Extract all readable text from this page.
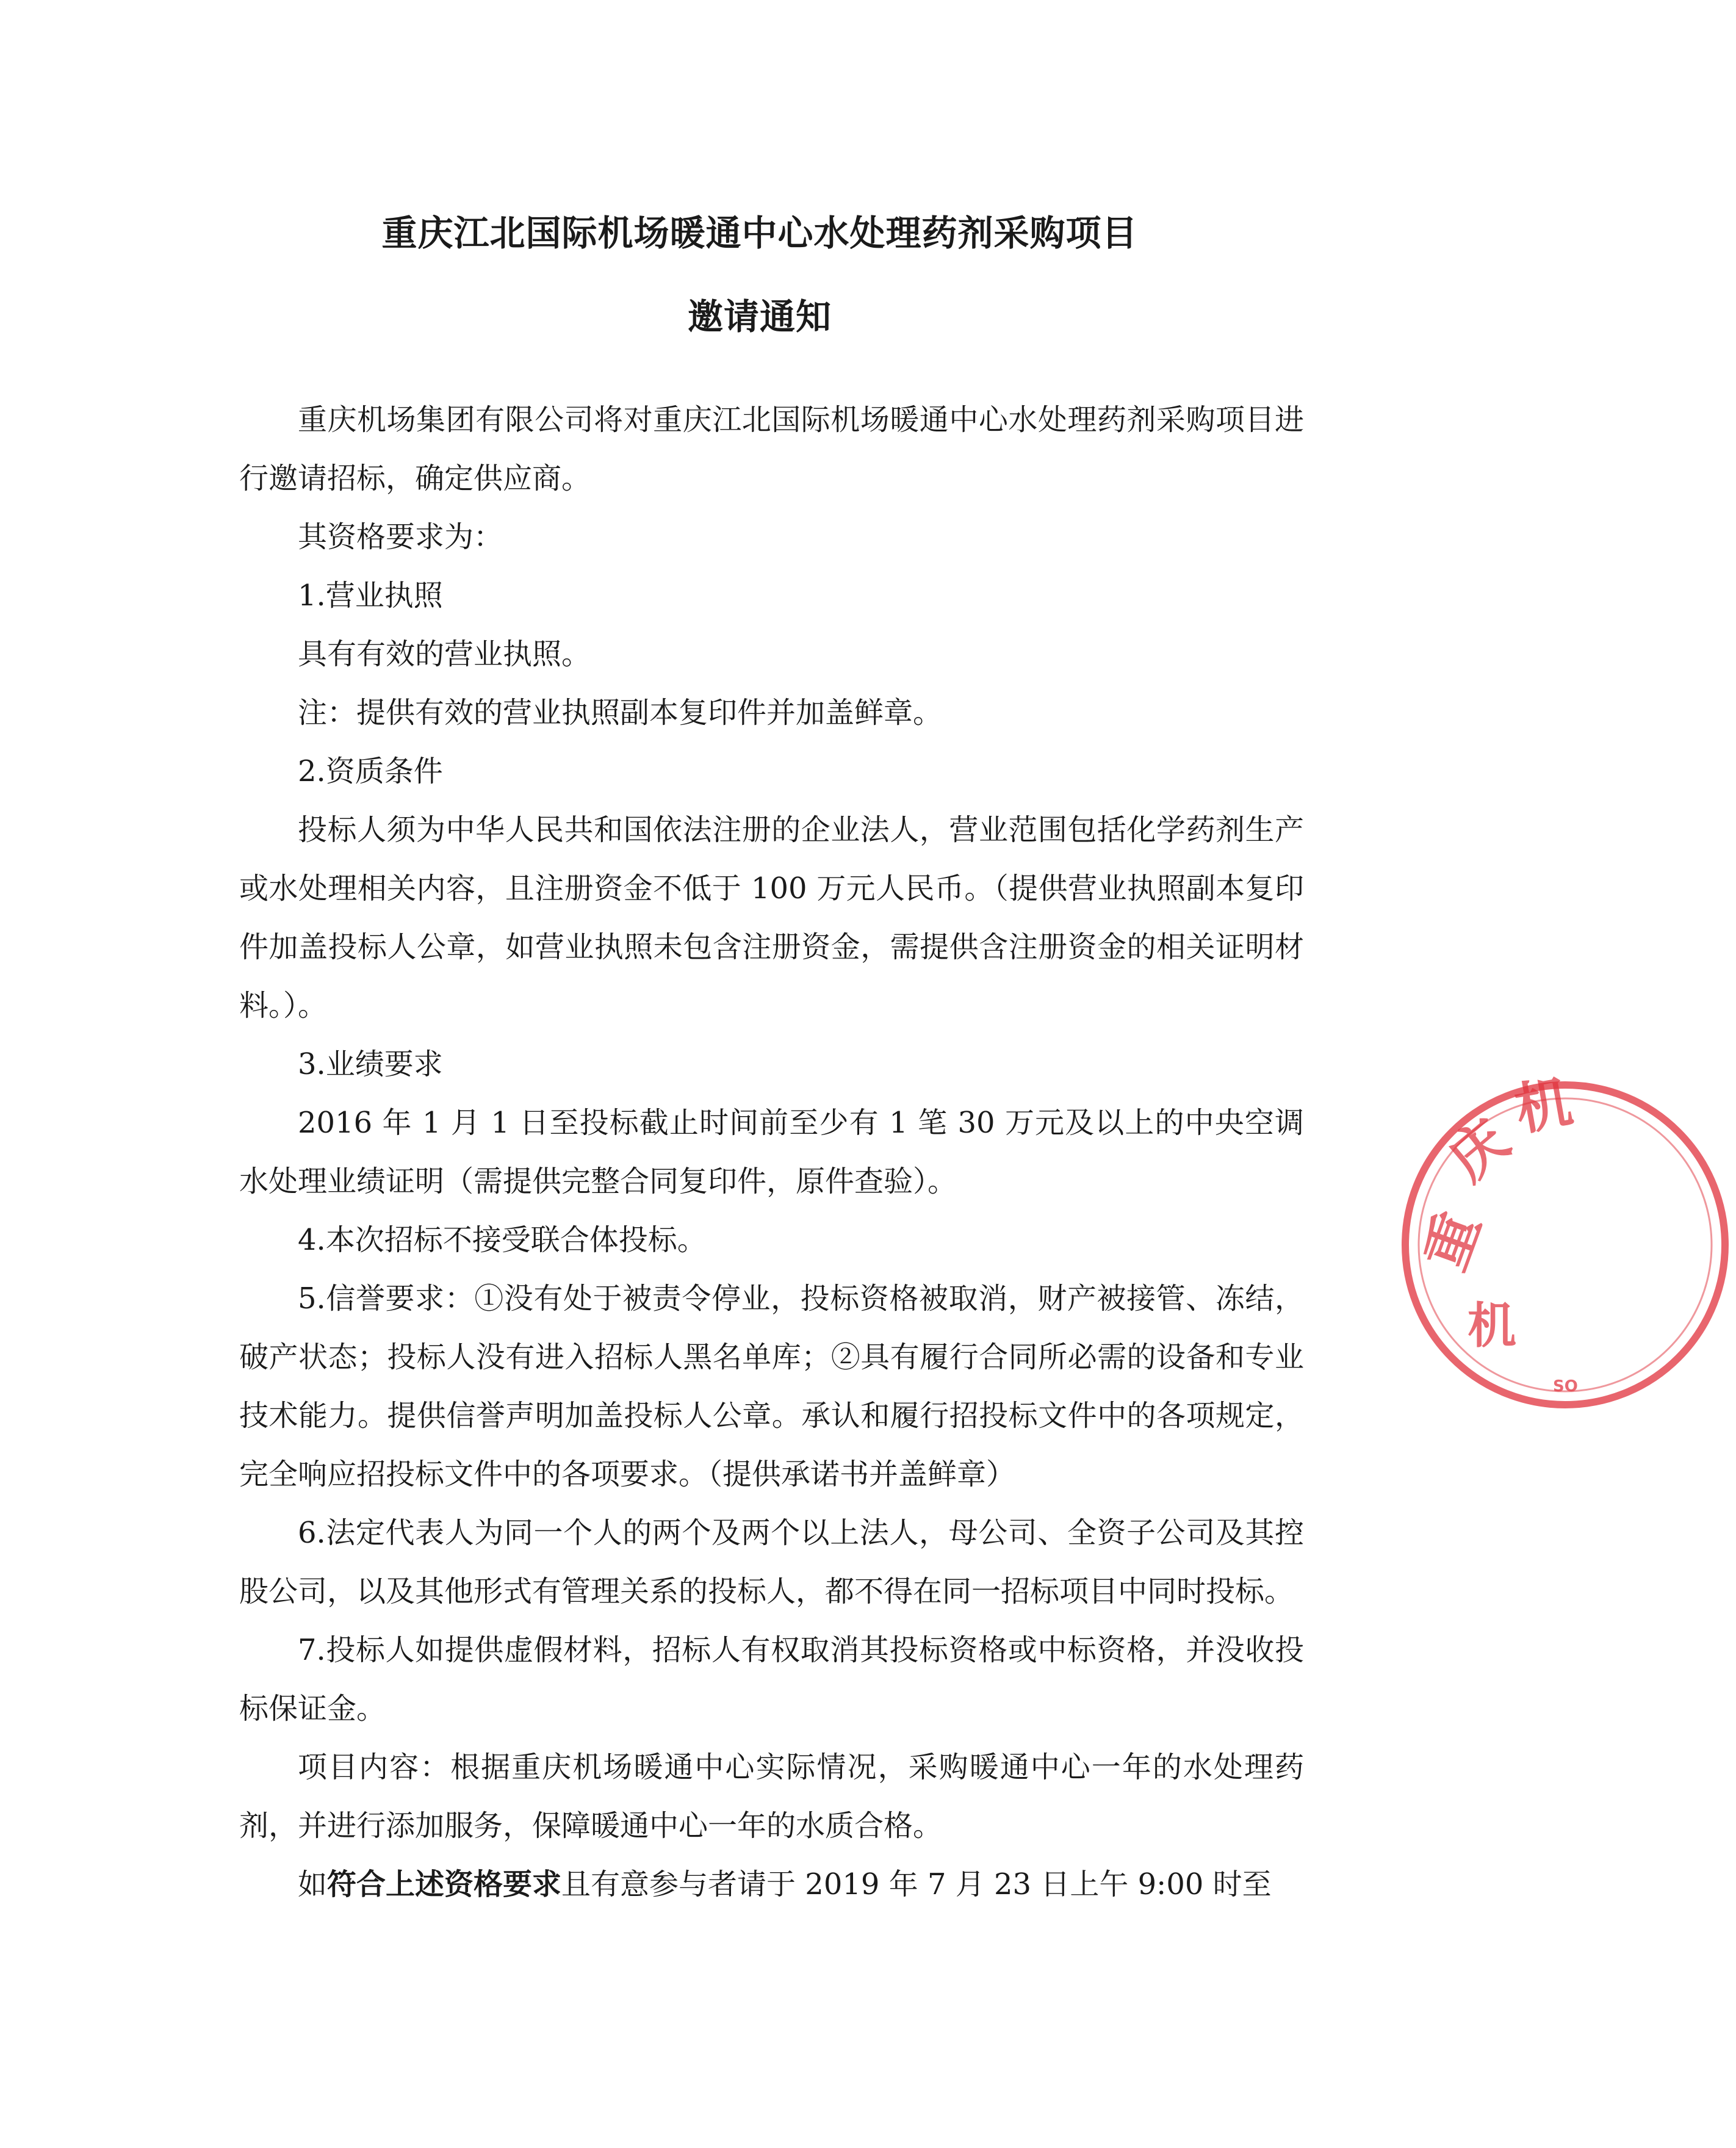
重庆江北国际机场暖通中心水处理药剂采购项目
邀请通知

重庆机场集团有限公司将对重庆江北国际机场暖通中心水处理药剂采购项目进行邀请招标，确定供应商。

其资格要求为：

1.营业执照

具有有效的营业执照。

注：提供有效的营业执照副本复印件并加盖鲜章。

2.资质条件

投标人须为中华人民共和国依法注册的企业法人，营业范围包括化学药剂生产或水处理相关内容，且注册资金不低于 100 万元人民币。（提供营业执照副本复印件加盖投标人公章，如营业执照未包含注册资金，需提供含注册资金的相关证明材料。）。

3.业绩要求

2016 年 1 月 1 日至投标截止时间前至少有 1 笔 30 万元及以上的中央空调水处理业绩证明（需提供完整合同复印件，原件查验）。

4.本次招标不接受联合体投标。

5.信誉要求：①没有处于被责令停业，投标资格被取消，财产被接管、冻结，破产状态；投标人没有进入招标人黑名单库；②具有履行合同所必需的设备和专业技术能力。提供信誉声明加盖投标人公章。承认和履行招投标文件中的各项规定，完全响应招投标文件中的各项要求。（提供承诺书并盖鲜章）

6.法定代表人为同一个人的两个及两个以上法人，母公司、全资子公司及其控股公司，以及其他形式有管理关系的投标人，都不得在同一招标项目中同时投标。

7.投标人如提供虚假材料，招标人有权取消其投标资格或中标资格，并没收投标保证金。

项目内容：根据重庆机场暖通中心实际情况，采购暖通中心一年的水处理药剂，并进行添加服务，保障暖通中心一年的水质合格。

如符合上述资格要求且有意参与者请于 2019 年 7 月 23 日上午 9:00 时至

重
庆
机
机
SO
